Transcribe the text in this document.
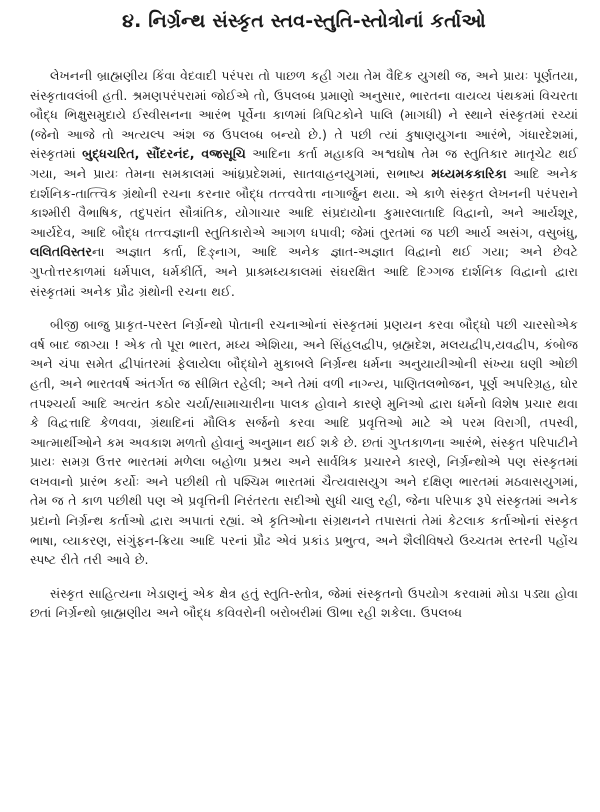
૪. નિર્ગ્રન્થ સંસ્કૃત સ્તવ-સ્તુતિ-સ્તોત્રોનાં કર્તાઓ

લેખનની બ્રાહ્મણીય કિંવા વેદવાદી પરંપરા તો પાછળ કહી ગયા તેમ વૈદિક યુગથી જ, અને પ્રાયઃ પૂર્ણતયા, સંસ્કૃતાવલંબી હતી. શ્રમણપરંપરામાં જોઈએ તો, ઉપલબ્ધ પ્રમાણો અનુસાર, ભારતના વાયવ્ય પંથકમાં વિચરતા બૌદ્ધ ભિક્ષુસમુદાયે ઈસ્વીસનના આરંભ પૂર્વેના કાળમાં ત્રિપિટકોને પાલિ (માગધી) ને સ્થાને સંસ્કૃતમાં રચ્યાં (જેનો આજે તો અત્યલ્પ અંશ જ ઉપલબ્ધ બન્યો છે.) તે પછી ત્યાં કુષાણયુગના આરંભે, ગંધારદેશમાં, સંસ્કૃતમાં બુદ્ધચરિત, સૌંદરનંદ, વજ્રસૂચિ આદિના કર્તા મહાકવિ અશ્વઘોષ તેમ જ સ્તુતિકાર માતૃચેટ થઈ ગયા, અને પ્રાયઃ તેમના સમકાલમાં આંધ્રપ્રદેશમાં, સાતવાહનયુગમાં, સભાષ્ય મધ્યમકકારિકા આદિ અનેક દાર્શનિક-તાત્ત્વિક ગ્રંથોની રચના કરનાર બૌદ્ધ તત્ત્વવેત્તા નાગાર્જુન થયા. એ કાળે સંસ્કૃત લેખનની પરંપરાને કાશ્મીરી વૈભાષિક, તદુપરાંત સૌત્રાંતિક, યોગાચાર આદિ સંપ્રદાયોના કુમારલાતાદિ વિદ્વાનો, અને આર્યશૂર, આર્યદેવ, આદિ બૌદ્ધ તત્ત્વજ્ઞાની સ્તુતિકારોએ આગળ ધપાવી; જેમાં તુરતમાં જ પછી આર્ય અસંગ, વસુબંધુ, લલિતવિસ્તરના અજ્ઞાત કર્તા, દિઙ્નાગ, આદિ અનેક જ્ઞાત-અજ્ઞાત વિદ્વાનો થઈ ગયા; અને છેવટે ગુપ્તોત્તરકાળમાં ધર્મપાલ, ધર્મકીર્તિ, અને પ્રાક્મધ્યકાલમાં સંઘરક્ષિત આદિ દિગ્ગજ દાર્શનિક વિદ્વાનો દ્વારા સંસ્કૃતમાં અનેક પ્રૌઢ ગ્રંથોની રચના થઈ.

બીજી બાજુ પ્રાકૃત-પરસ્ત નિર્ગ્રન્થો પોતાની રચનાઓનાં સંસ્કૃતમાં પ્રણયન કરવા બૌદ્ધો પછી ચારસોએક વર્ષ બાદ જાગ્યા ! એક તો પૂરા ભારત, મધ્ય એશિયા, અને સિંહલદ્વીપ, બ્રહ્મદેશ, મલયદ્વીપ,યવદ્વીપ, કંબોજ અને ચંપા સમેત દ્વીપાંતરમાં ફેલાયેલા બૌદ્ધોને મુકાબલે નિર્ગ્રન્થ ધર્મના અનુયાયીઓની સંખ્યા ઘણી ઓછી હતી, અને ભારતવર્ષ અંતર્ગત જ સીમિત રહેલી; અને તેમાં વળી નાગ્ન્ય, પાણિતલભોજન, પૂર્ણ અપરિગ્રહ, ઘોર તપશ્ચર્યા આદિ અત્યંત કઠોર ચર્યા/સામાચારીના પાલક હોવાને કારણે મુનિઓ દ્વારા ધર્મનો વિશેષ પ્રચાર થવા કે વિદ્વત્તાદિ કેળવવા, ગ્રંથાદિનાં મૌલિક સર્જનો કરવા આદિ પ્રવૃત્તિઓ માટે એ પરમ વિરાગી, તપસ્વી, આત્માર્થીઓને કમ અવકાશ મળતો હોવાનું અનુમાન થઈ શકે છે. છતાં ગુપ્તકાળના આરંભે, સંસ્કૃત પરિપાટીને પ્રાયઃ સમગ્ર ઉત્તર ભારતમાં મળેલા બહોળા પ્રશ્રય અને સાર્વત્રિક પ્રચારને કારણે, નિર્ગ્રન્થોએ પણ સંસ્કૃતમાં લખવાનો પ્રારંભ કર્યોઃ અને પછીથી તો પશ્ચિમ ભારતમાં ચૈત્યવાસયુગ અને દક્ષિણ ભારતમાં મઠવાસયુગમાં, તેમ જ તે કાળ પછીથી પણ એ પ્રવૃત્તિની નિરંતરતા સદીઓ સુધી ચાલુ રહી, જેના પરિપાક રૂપે સંસ્કૃતમાં અનેક પ્રદાનો નિર્ગ્રન્થ કર્તાઓ દ્વારા અપાતાં રહ્યાં. એ કૃતિઓના સંગ્રથનને તપાસતાં તેમાં કેટલાક કર્તાઓનાં સંસ્કૃત ભાષા, વ્યાકરણ, સંગુંફન-ક્રિયા આદિ પરનાં પ્રૌઢ એવં પ્રકાંડ પ્રભુત્વ, અને શૈલીવિષયે ઉચ્ચતમ સ્તરની પહોંચ સ્પષ્ટ રીતે તરી આવે છે.

સંસ્કૃત સાહિત્યના ખેડાણનું એક ક્ષેત્ર હતું સ્તુતિ-સ્તોત્ર, જેમાં સંસ્કૃતનો ઉપયોગ કરવામાં મોડા પડ્યા હોવા છતાં નિર્ગ્રન્થો બ્રાહ્મણીય અને બૌદ્ધ કવિવરોની બરોબરીમાં ઊભા રહી શકેલા. ઉપલબ્ધ
